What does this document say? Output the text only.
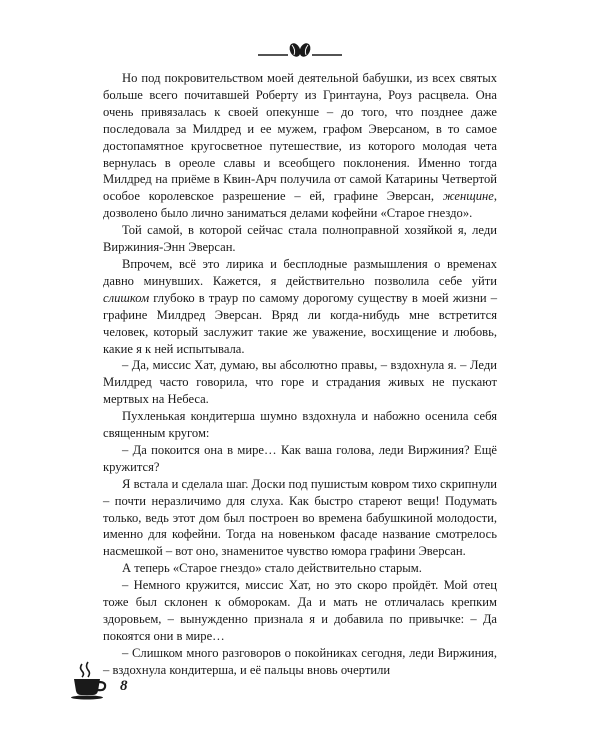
Но под покровительством моей деятельной бабушки, из всех святых больше всего почитавшей Роберту из Гринтауна, Роуз расцвела. Она очень привязалась к своей опекунше – до того, что позднее даже последовала за Милдред и ее мужем, графом Эверсаном, в то самое достопамятное кругосветное путешествие, из которого молодая чета вернулась в ореоле славы и всеобщего поклонения. Именно тогда Милдред на приёме в Квин-Арч получила от самой Катарины Четвертой особое королевское разрешение – ей, графине Эверсан, женщине, дозволено было лично заниматься делами кофейни «Старое гнездо».

Той самой, в которой сейчас стала полноправной хозяйкой я, леди Виржиния-Энн Эверсан.

Впрочем, всё это лирика и бесплодные размышления о временах давно минувших. Кажется, я действительно позволила себе уйти слишком глубоко в траур по самому дорогому существу в моей жизни – графине Милдред Эверсан. Вряд ли когда-нибудь мне встретится человек, который заслужит такие же уважение, восхищение и любовь, какие я к ней испытывала.

– Да, миссис Хат, думаю, вы абсолютно правы, – вздохнула я. – Леди Милдред часто говорила, что горе и страдания живых не пускают мертвых на Небеса.

Пухленькая кондитерша шумно вздохнула и набожно осенила себя священным кругом:

– Да покоится она в мире… Как ваша голова, леди Виржиния? Ещё кружится?

Я встала и сделала шаг. Доски под пушистым ковром тихо скрипнули – почти неразличимо для слуха. Как быстро стареют вещи! Подумать только, ведь этот дом был построен во времена бабушкиной молодости, именно для кофейни. Тогда на новеньком фасаде название смотрелось насмешкой – вот оно, знаменитое чувство юмора графини Эверсан.

А теперь «Старое гнездо» стало действительно старым.

– Немного кружится, миссис Хат, но это скоро пройдёт. Мой отец тоже был склонен к обморокам. Да и мать не отличалась крепким здоровьем, – вынужденно признала я и добавила по привычке: – Да покоятся они в мире…

– Слишком много разговоров о покойниках сегодня, леди Виржиния, – вздохнула кондитерша, и её пальцы вновь очертили

8
